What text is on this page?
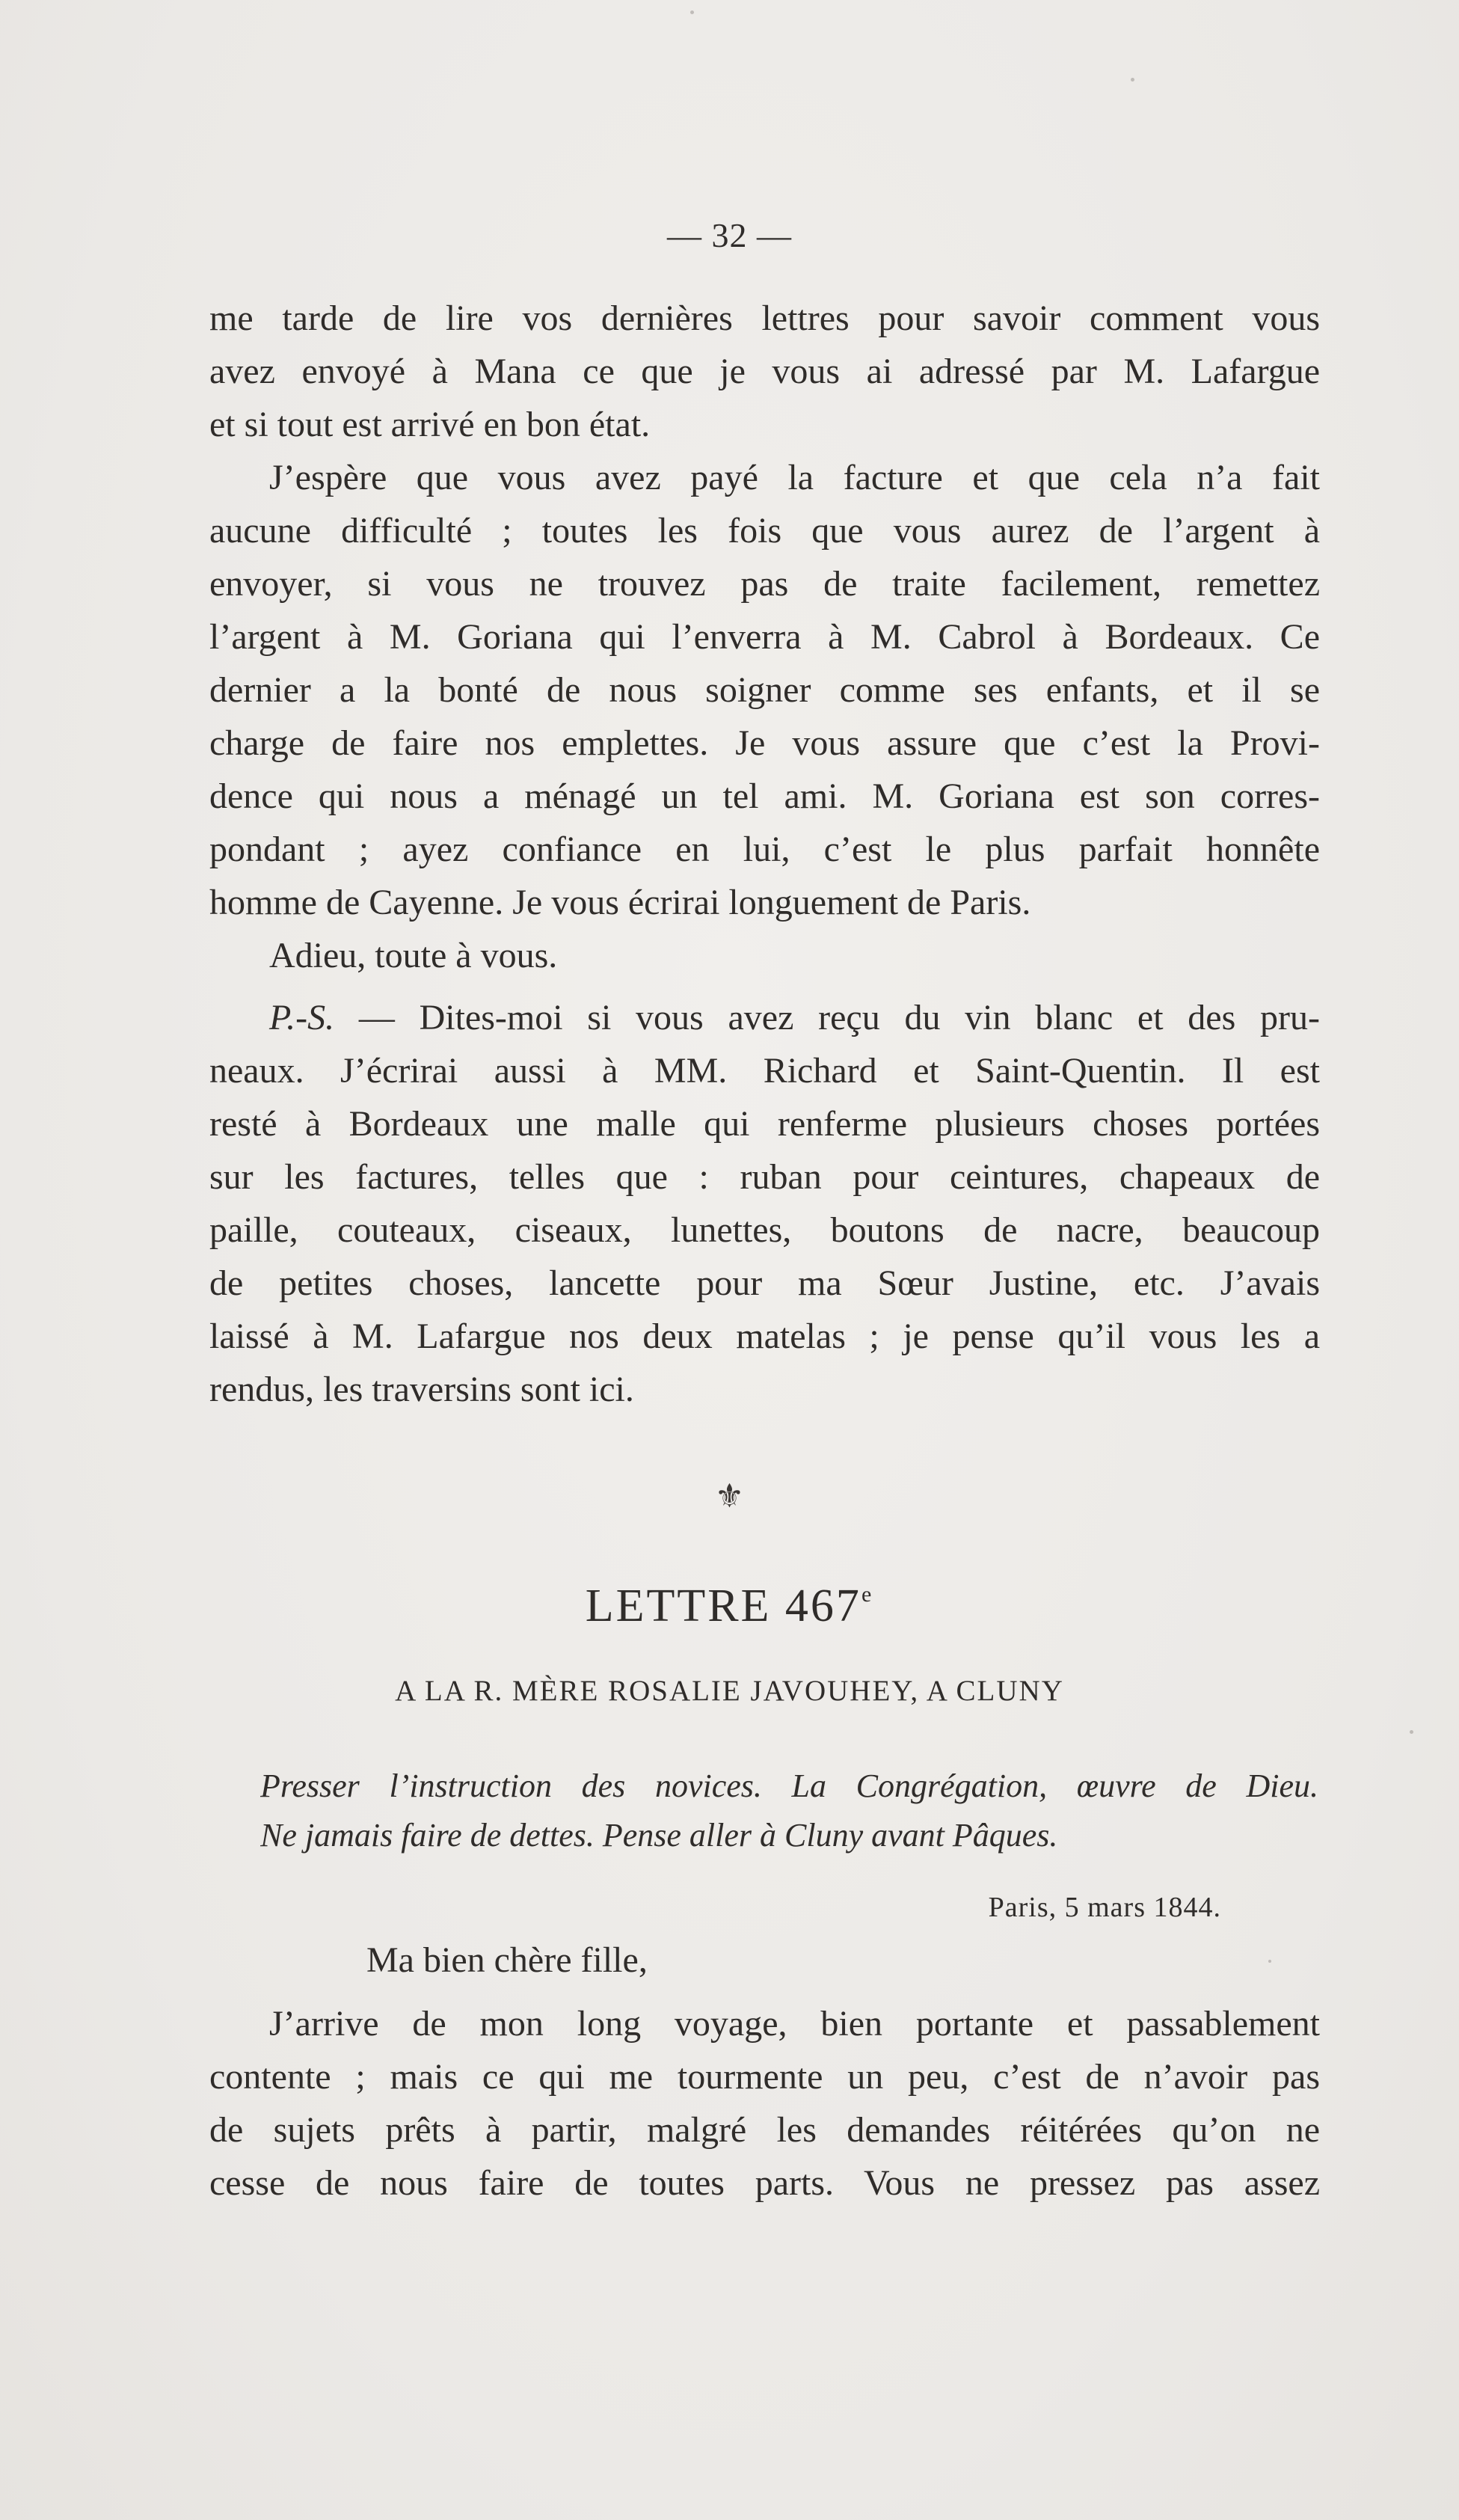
— 32 —
me tarde de lire vos dernières lettres pour savoir comment vous
avez envoyé à Mana ce que je vous ai adressé par M. Lafargue
et si tout est arrivé en bon état.
J’espère que vous avez payé la facture et que cela n’a fait
aucune difficulté ; toutes les fois que vous aurez de l’argent à
envoyer, si vous ne trouvez pas de traite facilement, remettez
l’argent à M. Goriana qui l’enverra à M. Cabrol à Bordeaux. Ce
dernier a la bonté de nous soigner comme ses enfants, et il se
charge de faire nos emplettes. Je vous assure que c’est la Provi-
dence qui nous a ménagé un tel ami. M. Goriana est son corres-
pondant ; ayez confiance en lui, c’est le plus parfait honnête
homme de Cayenne. Je vous écrirai longuement de Paris.
Adieu, toute à vous.
P.-S. — Dites-moi si vous avez reçu du vin blanc et des pru-
neaux. J’écrirai aussi à MM. Richard et Saint-Quentin. Il est
resté à Bordeaux une malle qui renferme plusieurs choses portées
sur les factures, telles que : ruban pour ceintures, chapeaux de
paille, couteaux, ciseaux, lunettes, boutons de nacre, beaucoup
de petites choses, lancette pour ma Sœur Justine, etc. J’avais
laissé à M. Lafargue nos deux matelas ; je pense qu’il vous les a
rendus, les traversins sont ici.
⚜
LETTRE 467e
A LA R. MÈRE ROSALIE JAVOUHEY, A CLUNY
Presser l’instruction des novices. La Congrégation, œuvre de Dieu.
Ne jamais faire de dettes. Pense aller à Cluny avant Pâques.
Paris, 5 mars 1844.
Ma bien chère fille,
J’arrive de mon long voyage, bien portante et passablement
contente ; mais ce qui me tourmente un peu, c’est de n’avoir pas
de sujets prêts à partir, malgré les demandes réitérées qu’on ne
cesse de nous faire de toutes parts. Vous ne pressez pas assez
